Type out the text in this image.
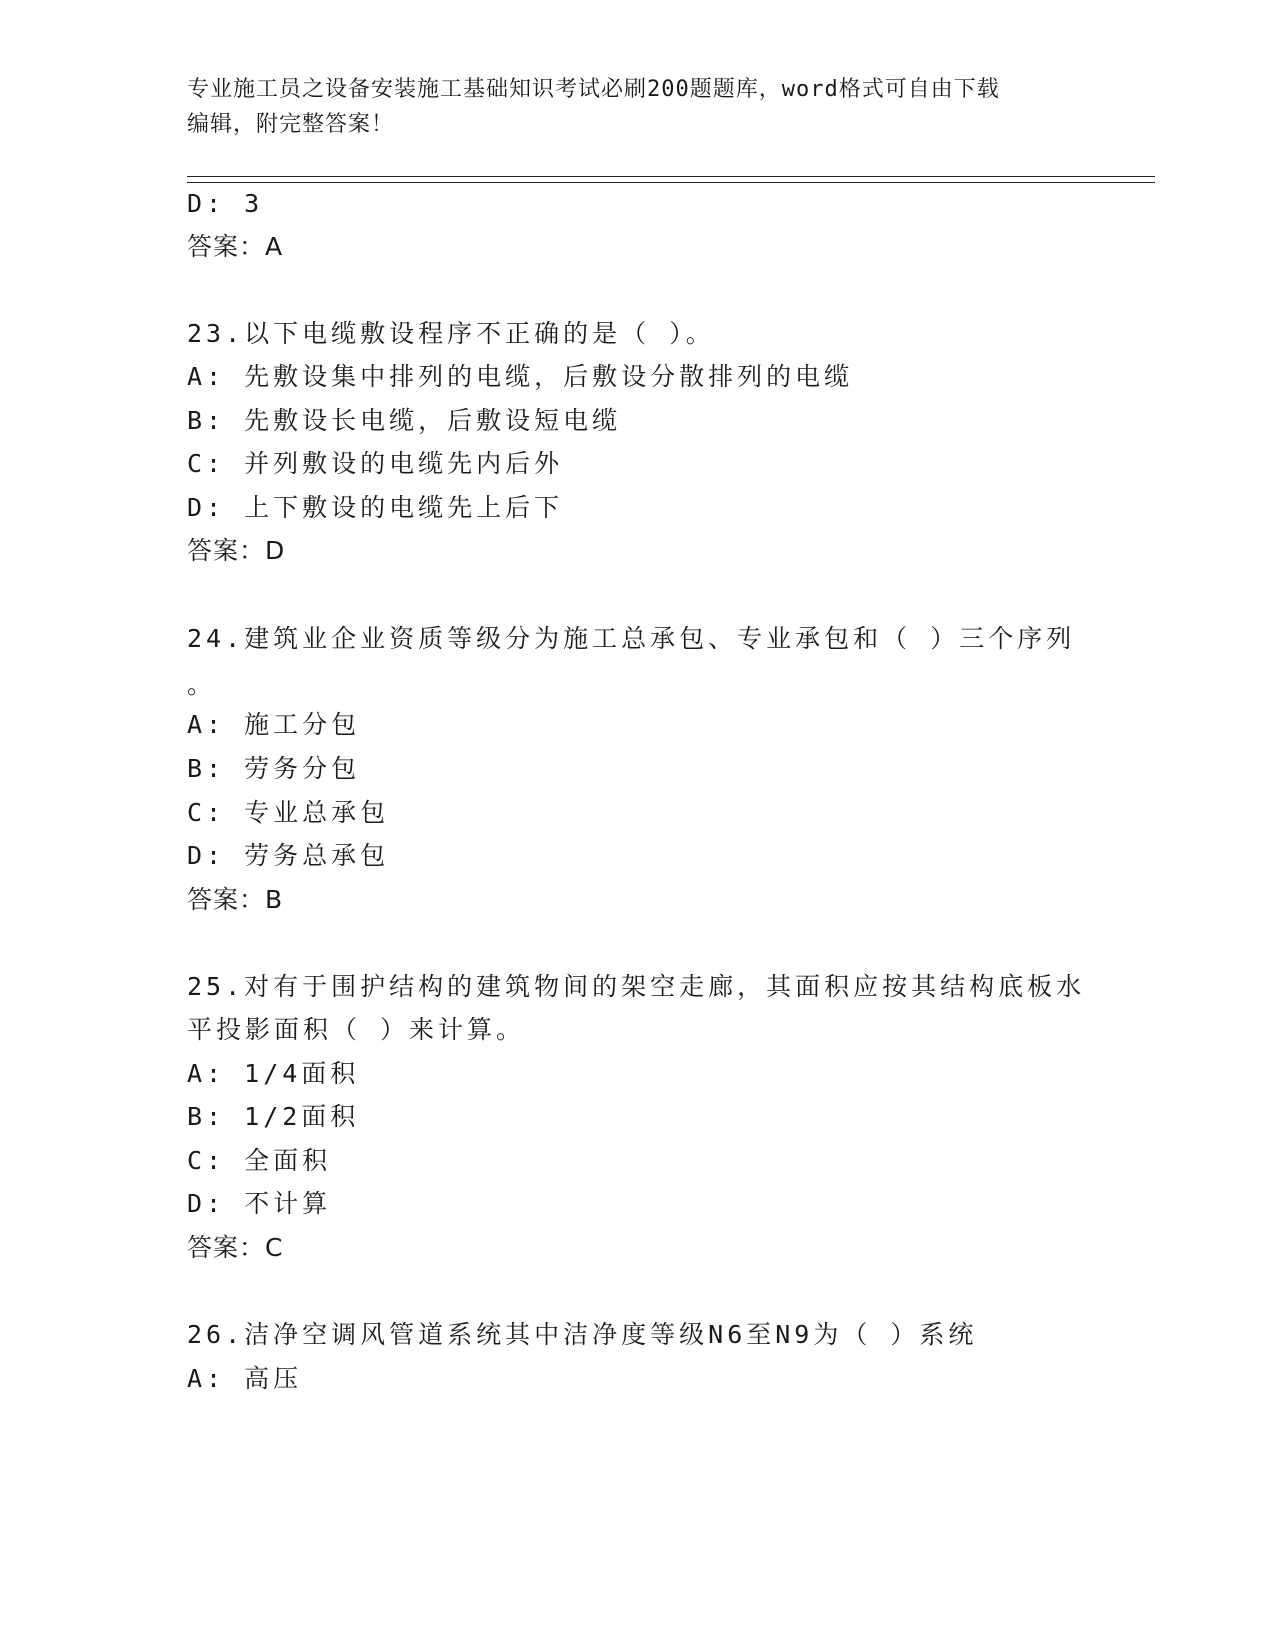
专业施工员之设备安装施工基础知识考试必刷200题题库，word格式可自由下载
编辑，附完整答案！
D: 3
答案：A
23.以下电缆敷设程序不正确的是（ ）。
A: 先敷设集中排列的电缆，后敷设分散排列的电缆
B: 先敷设长电缆，后敷设短电缆
C: 并列敷设的电缆先内后外
D: 上下敷设的电缆先上后下
答案：D
24.建筑业企业资质等级分为施工总承包、专业承包和（ ）三个序列
。
A: 施工分包
B: 劳务分包
C: 专业总承包
D: 劳务总承包
答案：B
25.对有于围护结构的建筑物间的架空走廊，其面积应按其结构底板水
平投影面积（ ）来计算。
A: 1/4面积
B: 1/2面积
C: 全面积
D: 不计算
答案：C
26.洁净空调风管道系统其中洁净度等级N6至N9为（ ）系统
A: 高压
